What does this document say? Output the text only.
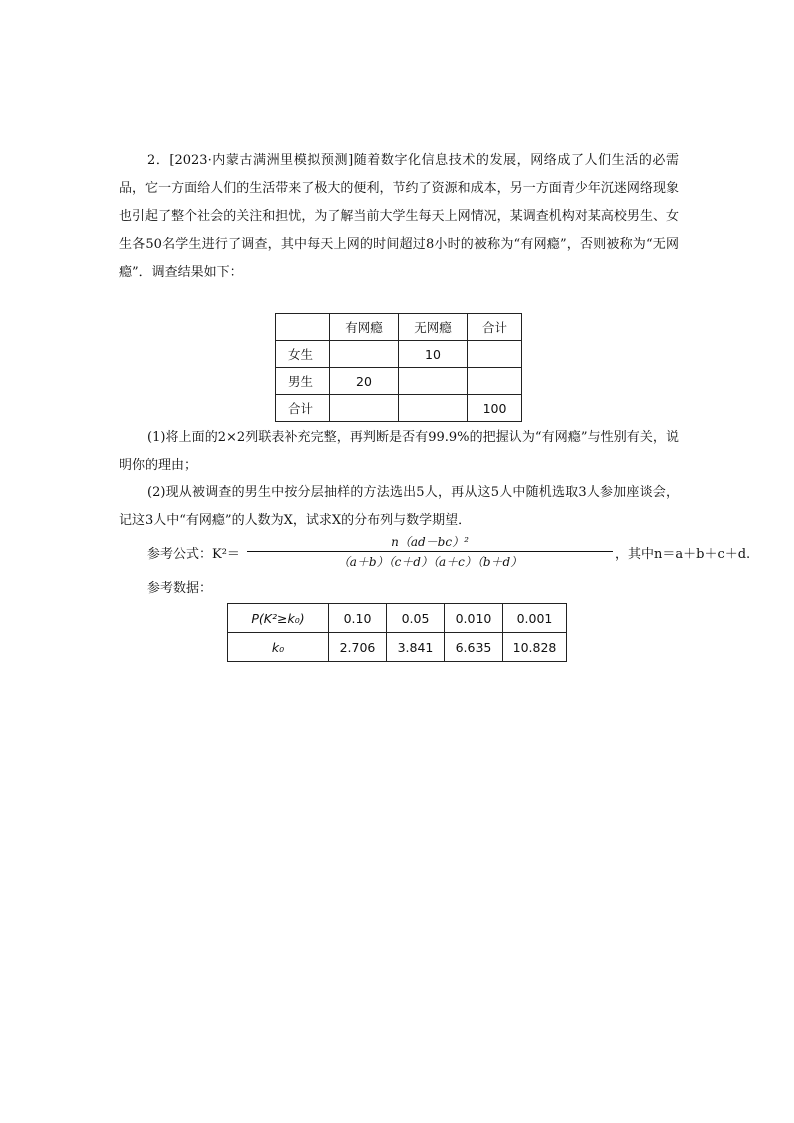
2．[2023·内蒙古满洲里模拟预测]随着数字化信息技术的发展，网络成了人们生活的必需品，它一方面给人们的生活带来了极大的便利，节约了资源和成本，另一方面青少年沉迷网络现象也引起了整个社会的关注和担忧，为了解当前大学生每天上网情况，某调查机构对某高校男生、女生各50名学生进行了调查，其中每天上网的时间超过8小时的被称为“有网瘾”，否则被称为“无网瘾”．调查结果如下：
	有网瘾	无网瘾	合计
女生		10	
男生	20		
合计			100
(1)将上面的2×2列联表补充完整，再判断是否有99.9%的把握认为“有网瘾”与性别有关，说明你的理由；
(2)现从被调查的男生中按分层抽样的方法选出5人，再从这5人中随机选取3人参加座谈会，记这3人中“有网瘾”的人数为X，试求X的分布列与数学期望．
参考公式：$K^2= \frac{\text{n（ad－bc）²}}{(a+b)(c+d)(a+c)(b+d)}$ ，其中n＝a＋b＋c＋d.
参考数据：
P(K²≥k₀)	0.10	0.05	0.010	0.001
k₀	2.706	3.841	6.635	10.828
